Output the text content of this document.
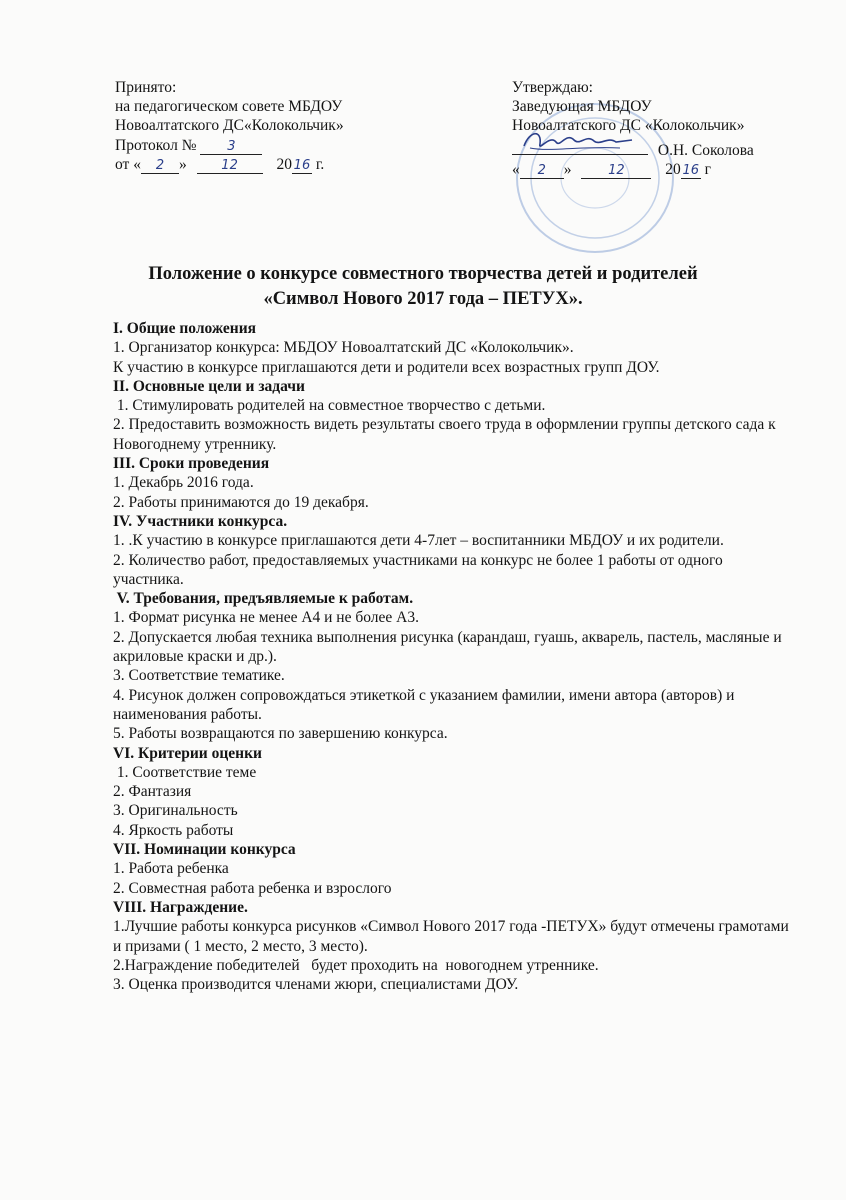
Принято:
на педагогическом совете МБДОУ
Новоалтатского ДС«Колокольчик»
Протокол № 3
от « 2 »	12 20 16 г.
Утверждаю:
Заведующая МБДОУ
Новоалтатского ДС «Колокольчик»
О.Н. Соколова
« 2 »	12	20 16 г
Положение о конкурсе совместного творчества детей и родителей
«Символ Нового 2017 года – ПЕТУХ».

I. Общие положения

1. Организатор конкурса: МБДОУ Новоалтатский ДС «Колокольчик».

К участию в конкурсе приглашаются дети и родители всех возрастных групп ДОУ.

II. Основные цели и задачи

1. Стимулировать родителей на совместное творчество с детьми.

2. Предоставить возможность видеть результаты своего труда в оформлении группы детского сада к Новогоднему утреннику.

III. Сроки проведения

1. Декабрь 2016 года.

2. Работы принимаются до 19 декабря.

IV. Участники конкурса.

1. .К участию в конкурсе приглашаются дети 4-7лет – воспитанники МБДОУ и их родители.

2. Количество работ, предоставляемых участниками на конкурс не более 1 работы от одного участника.

V. Требования, предъявляемые к работам.

1. Формат рисунка не менее А4 и не более А3.

2. Допускается любая техника выполнения рисунка (карандаш, гуашь, акварель, пастель, масляные и акриловые краски и др.).

3. Соответствие тематике.

4. Рисунок должен сопровождаться этикеткой с указанием фамилии, имени автора (авторов) и наименования работы.

5. Работы возвращаются по завершению конкурса.

VI. Критерии оценки

1. Соответствие теме

2. Фантазия

3. Оригинальность

4. Яркость работы

VII. Номинации конкурса

1. Работа ребенка

2. Совместная работа ребенка и взрослого

VIII. Награждение.

1.Лучшие работы конкурса рисунков «Символ Нового 2017 года -ПЕТУХ» будут отмечены грамотами и призами ( 1 место, 2 место, 3 место).

2.Награждение победителей   будет проходить на  новогоднем утреннике.

3. Оценка производится членами жюри, специалистами ДОУ.
